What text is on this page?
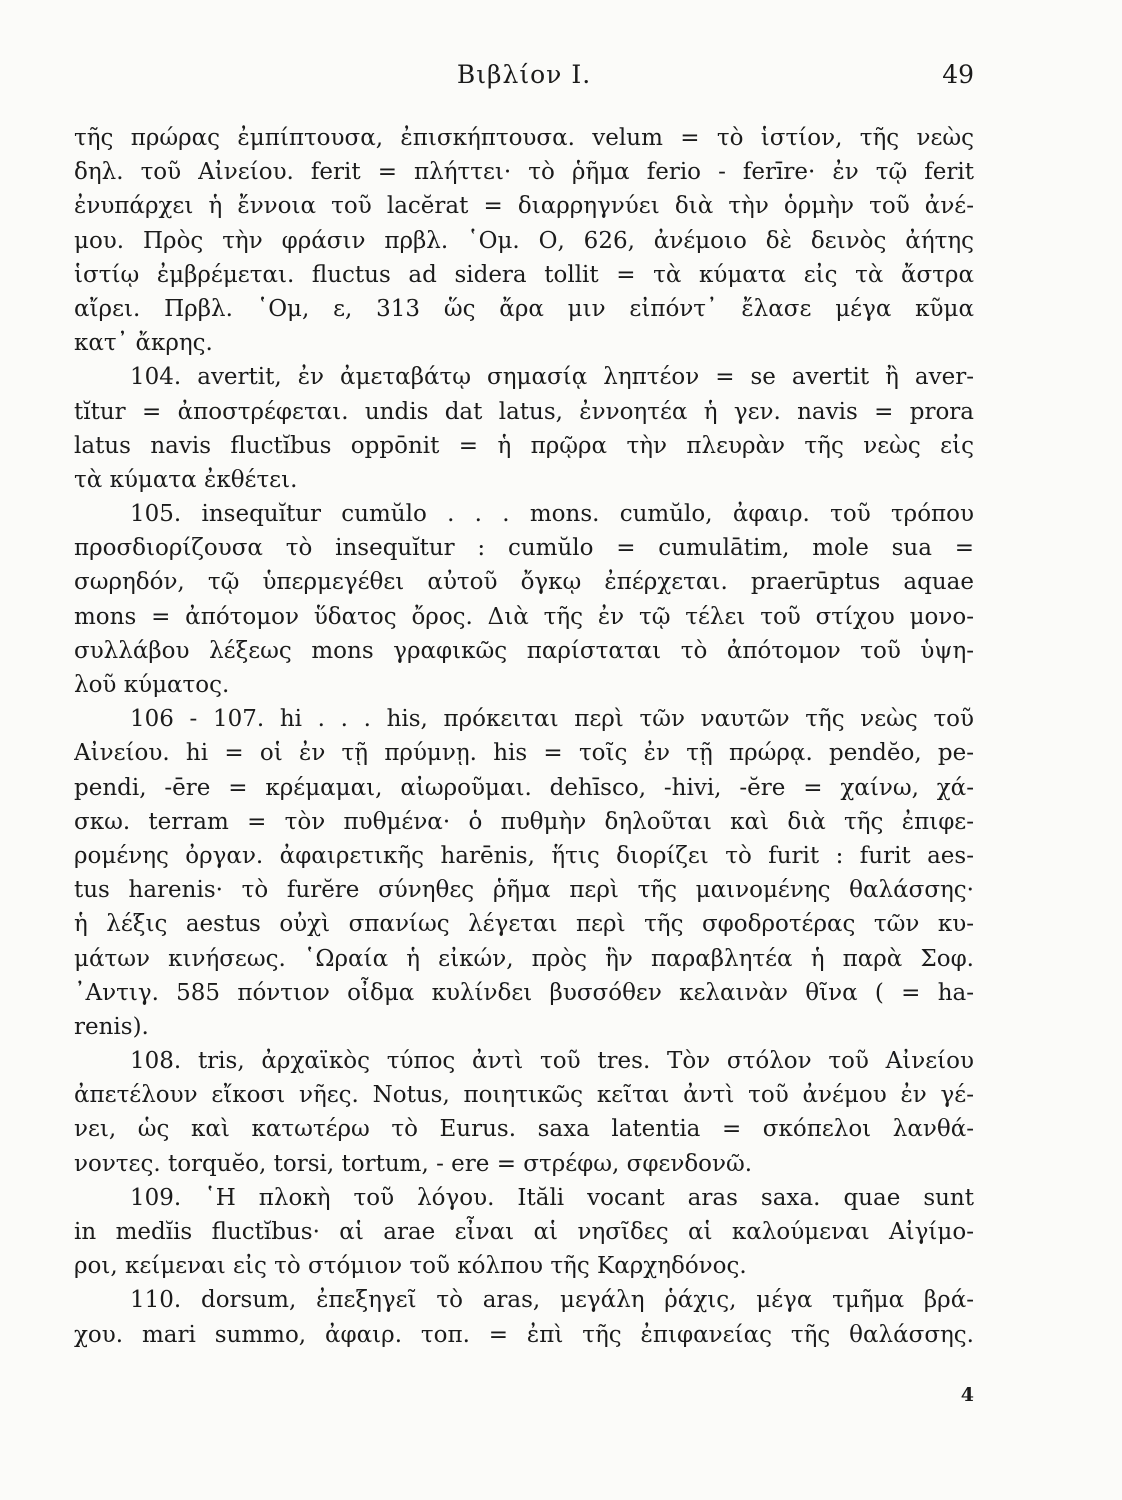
Βιβλίον Ι.	49
τῆς πρώρας ἐμπίπτουσα, ἐπισκήπτουσα. velum = τὸ ἱστίον, τῆς νεὼς
δηλ. τοῦ Αἰνείου. ferit = πλήττει· τὸ ῥῆμα ferio - ferīre· ἐν τῷ ferit
ἐνυπάρχει ἡ ἔννοια τοῦ lacĕrat = διαρρηγνύει διὰ τὴν ὁρμὴν τοῦ ἀνέ-
μου. Πρὸς τὴν φράσιν πρβλ. ῾Ομ. Ο, 626, ἀνέμοιο δὲ δεινὸς ἀήτης
ἱστίῳ ἐμβρέμεται. fluctus ad sidera tollit = τὰ κύματα εἰς τὰ ἄστρα
αἴρει. Πρβλ. ῾Ομ, ε, 313 ὥς ἄρα μιν εἰπόντ᾿ ἔλασε μέγα κῦμα
κατ᾿ ἄκρης.
104. avertit, ἐν ἀμεταβάτῳ σημασίᾳ ληπτέον = se avertit ἢ aver-
tĭtur = ἀποστρέφεται. undis dat latus, ἐννοητέα ἡ γεν. navis = prora
latus navis fluctĭbus oppōnit = ἡ πρῷρα τὴν πλευρὰν τῆς νεὼς εἰς
τὰ κύματα ἐκθέτει.
105. insequĭtur cumŭlo . . . mons. cumŭlo, ἀφαιρ. τοῦ τρόπου
προσδιορίζουσα τὸ insequĭtur : cumŭlo = cumulātim, mole sua =
σωρηδόν, τῷ ὑπερμεγέθει αὐτοῦ ὄγκῳ ἐπέρχεται. praerūptus aquae
mons = ἀπότομον ὕδατος ὄρος. Διὰ τῆς ἐν τῷ τέλει τοῦ στίχου μονο-
συλλάβου λέξεως mons γραφικῶς παρίσταται τὸ ἀπότομον τοῦ ὑψη-
λοῦ κύματος.
106 - 107. hi . . . his, πρόκειται περὶ τῶν ναυτῶν τῆς νεὼς τοῦ
Αἰνείου. hi = οἱ ἐν τῇ πρύμνῃ. his = τοῖς ἐν τῇ πρώρᾳ. pendĕo, pe-
pendi, -ēre = κρέμαμαι, αἰωροῦμαι. dehīsco, -hivi, -ĕre = χαίνω, χά-
σκω. terram = τὸν πυθμένα· ὁ πυθμὴν δηλοῦται καὶ διὰ τῆς ἐπιφε-
ρομένης ὀργαν. ἀφαιρετικῆς harēnis, ἥτις διορίζει τὸ furit : furit aes-
tus harenis· τὸ furĕre σύνηθες ῥῆμα περὶ τῆς μαινομένης θαλάσσης·
ἡ λέξις aestus οὐχὶ σπανίως λέγεται περὶ τῆς σφοδροτέρας τῶν κυ-
μάτων κινήσεως. ῾Ωραία ἡ εἰκών, πρὸς ἣν παραβλητέα ἡ παρὰ Σοφ.
᾿Αντιγ. 585 πόντιον οἶδμα κυλίνδει βυσσόθεν κελαινὰν θῖνα ( = ha-
renis).
108. tris, ἀρχαϊκὸς τύπος ἀντὶ τοῦ tres. Τὸν στόλον τοῦ Αἰνείου
ἀπετέλουν εἴκοσι νῆες. Notus, ποιητικῶς κεῖται ἀντὶ τοῦ ἀνέμου ἐν γέ-
νει, ὡς καὶ κατωτέρω τὸ Eurus. saxa latentia = σκόπελοι λανθά-
νοντες. torquĕo, torsi, tortum, - ere = στρέφω, σφενδονῶ.
109. ῾Η πλοκὴ τοῦ λόγου. Ităli vocant aras saxa. quae sunt
in medĭis fluctĭbus· αἱ arae εἶναι αἱ νησῖδες αἱ καλούμεναι Αἰγίμο-
ροι, κείμεναι εἰς τὸ στόμιον τοῦ κόλπου τῆς Καρχηδόνος.
110. dorsum, ἐπεξηγεῖ τὸ aras, μεγάλη ῥάχις, μέγα τμῆμα βρά-
χου. mari summo, ἀφαιρ. τοπ. = ἐπὶ τῆς ἐπιφανείας τῆς θαλάσσης.
4
